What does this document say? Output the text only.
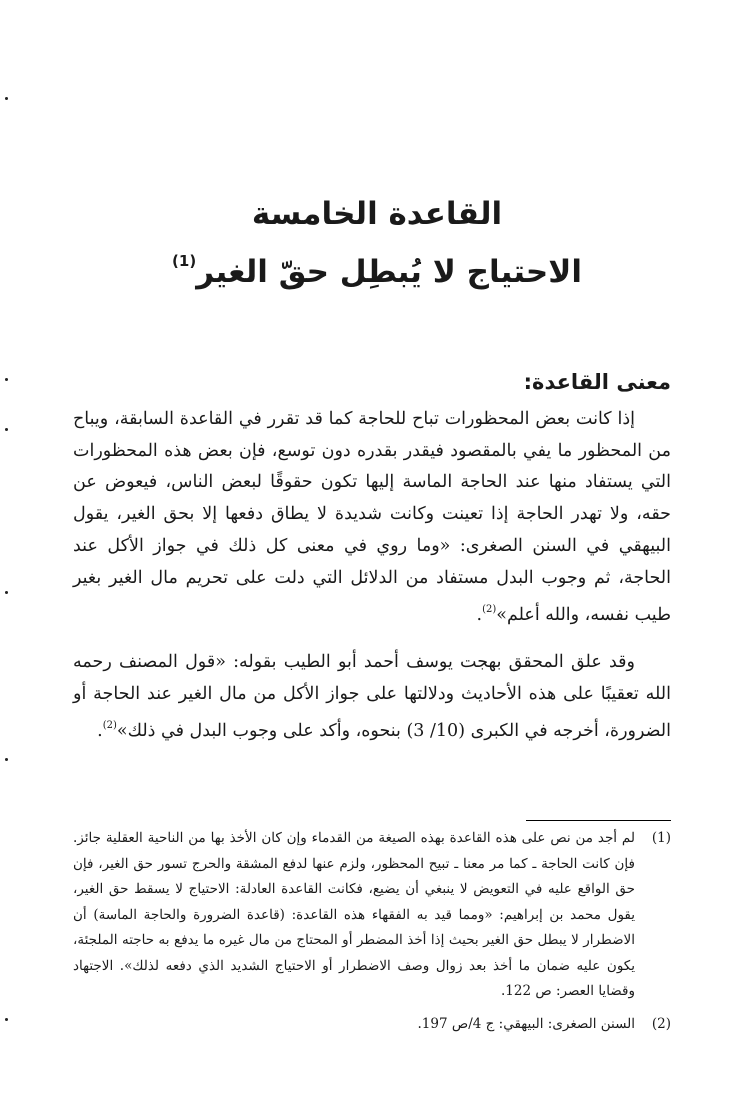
القاعدة الخامسة
الاحتياج لا يُبطِل حقّ الغير$^{(1)}$
معنى القاعدة:
إذا كانت بعض المحظورات تباح للحاجة كما قد تقرر في القاعدة السابقة، ويباح من المحظور ما يفي بالمقصود فيقدر بقدره دون توسع، فإن بعض هذه المحظورات التي يستفاد منها عند الحاجة الماسة إليها تكون حقوقًا لبعض الناس، فيعوض عن حقه، ولا تهدر الحاجة إذا تعينت وكانت شديدة لا يطاق دفعها إلا بحق الغير، يقول البيهقي في السنن الصغرى: «وما روي في معنى كل ذلك في جواز الأكل عند الحاجة، ثم وجوب البدل مستفاد من الدلائل التي دلت على تحريم مال الغير بغير طيب نفسه، والله أعلم»$^{(2)}$.
وقد علق المحقق بهجت يوسف أحمد أبو الطيب بقوله: «قول المصنف رحمه الله تعقيبًا على هذه الأحاديث ودلالتها على جواز الأكل من مال الغير عند الحاجة أو الضرورة، أخرجه في الكبرى (10/ 3) بنحوه، وأكد على وجوب البدل في ذلك»$^{(2)}$.
(1)
لم أجد من نص على هذه القاعدة بهذه الصيغة من القدماء وإن كان الأخذ بها من الناحية العقلية جائز. فإن كانت الحاجة ـ كما مر معنا ـ تبيح المحظور، ولزم عنها لدفع المشقة والحرج تسور حق الغير، فإن حق الواقع عليه في التعويض لا ينبغي أن يضيع، فكانت القاعدة العادلة: الاحتياج لا يسقط حق الغير، يقول محمد بن إبراهيم: «ومما قيد به الفقهاء هذه القاعدة: (قاعدة الضرورة والحاجة الماسة) أن الاضطرار لا يبطل حق الغير بحيث إذا أخذ المضطر أو المحتاج من مال غيره ما يدفع به حاجته الملجئة، يكون عليه ضمان ما أخذ بعد زوال وصف الاضطرار أو الاحتياج الشديد الذي دفعه لذلك». الاجتهاد وقضايا العصر: ص 122.
(2)
السنن الصغرى: البيهقي: ج 4/ص 197.
